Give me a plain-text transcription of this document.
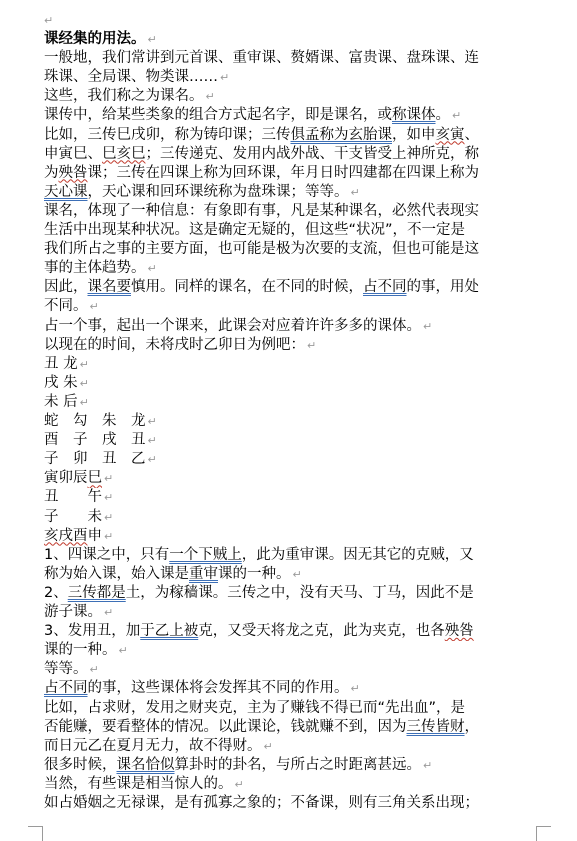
↵
课经集的用法。 ↵
一般地，我们常讲到元首课、重审课、赘婿课、富贵课、盘珠课、连
珠课、全局课、物类课…… ↵
这些，我们称之为课名。 ↵
课传中，给某些类象的组合方式起名字，即是课名，或称课体。 ↵
比如，三传巳戌卯，称为铸印课；三传俱孟称为玄胎课，如申亥寅、
申寅巳、巳亥巳；三传递克、发用内战外战、干支皆受上神所克，称
为殃咎课；三传在四课上称为回环课，年月日时四建都在四课上称为
天心课，天心课和回环课统称为盘珠课；等等。 ↵
课名，体现了一种信息：有象即有事，凡是某种课名，必然代表现实
生活中出现某种状况。这是确定无疑的，但这些“状况”，不一定是
我们所占之事的主要方面，也可能是极为次要的支流，但也可能是这
事的主体趋势。 ↵
因此，课名要慎用。同样的课名，在不同的时候，占不同的事，用处
不同。 ↵
占一个事，起出一个课来，此课会对应着许许多多的课体。 ↵
以现在的时间，未将戌时乙卯日为例吧： ↵
丑 龙 ↵
戌 朱 ↵
未 后 ↵
蛇　勾　朱　龙 ↵
酉　子　戌　丑 ↵
子　卯　丑　乙 ↵
寅卯辰巳 ↵
丑　　午 ↵
子　　未 ↵
亥戌酉申 ↵
1、四课之中，只有一个下贼上，此为重审课。因无其它的克贼，又
称为始入课，始入课是重审课的一种。 ↵
2、三传都是土，为稼穑课。三传之中，没有天马、丁马，因此不是
游子课。 ↵
3、发用丑，加于乙上被克，又受天将龙之克，此为夹克，也各殃咎
课的一种。 ↵
等等。 ↵
占不同的事，这些课体将会发挥其不同的作用。 ↵
比如，占求财，发用之财夹克，主为了赚钱不得已而“先出血”，是
否能赚，要看整体的情况。以此课论，钱就赚不到，因为三传皆财，
而日元乙在夏月无力，故不得财。 ↵
很多时候，课名恰似算卦时的卦名，与所占之时距离甚远。 ↵
当然，有些课是相当惊人的。 ↵
如占婚姻之无禄课，是有孤寡之象的；不备课，则有三角关系出现；
